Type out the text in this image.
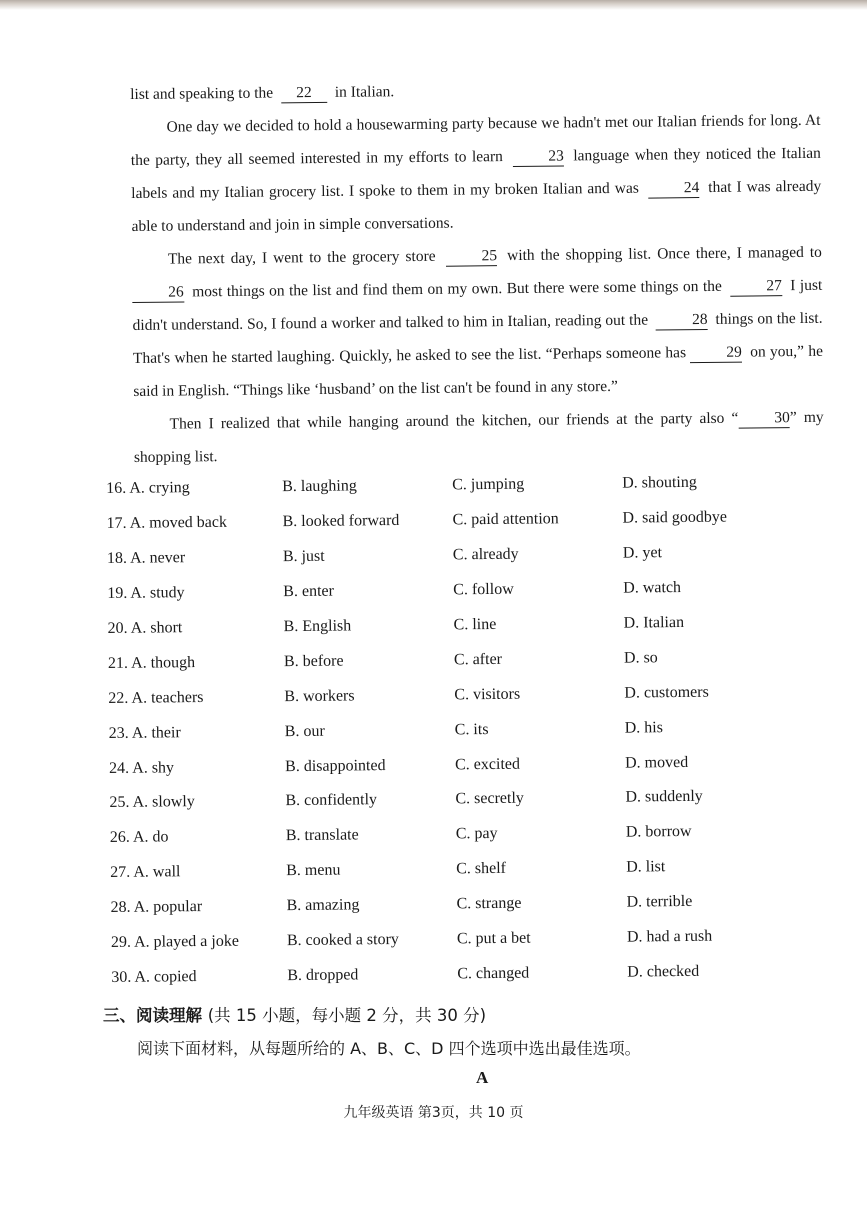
list and speaking to the 22 in Italian.

One day we decided to hold a housewarming party because we hadn't met our Italian friends for long. At the party, they all seemed interested in my efforts to learn	23 language when they noticed the Italian labels and my Italian grocery list. I spoke to them in my broken Italian and was	24 that I was already able to understand and join in simple conversations.

The next day, I went to the grocery store	25 with the shopping list. Once there, I managed to 26 most things on the list and find them on my own. But there were some things on the	27 I just didn't understand. So, I found a worker and talked to him in Italian, reading out the	28 things on the list. That's when he started laughing. Quickly, he asked to see the list. “Perhaps someone has	29 on you,” he said in English. “Things like ‘husband’ on the list can't be found in any store.”

Then I realized that while hanging around the kitchen, our friends at the party also “ 30” my shopping list.

16. A. crying	B. laughing	C. jumping	D. shouting
17. A. moved back	B. looked forward	C. paid attention	D. said goodbye
18. A. never	B. just	C. already	D. yet
19. A. study	B. enter	C. follow	D. watch
20. A. short	B. English	C. line	D. Italian
21. A. though	B. before	C. after	D. so
22. A. teachers	B. workers	C. visitors	D. customers
23. A. their	B. our	C. its	D. his
24. A. shy	B. disappointed	C. excited	D. moved
25. A. slowly	B. confidently	C. secretly	D. suddenly
26. A. do	B. translate	C. pay	D. borrow
27. A. wall	B. menu	C. shelf	D. list
28. A. popular	B. amazing	C. strange	D. terrible
29. A. played a joke	B. cooked a story	C. put a bet	D. had a rush
30. A. copied	B. dropped	C. changed	D. checked
三、阅读理解 (共 15 小题，每小题 2 分，共 30 分)
阅读下面材料，从每题所给的 A、B、C、D 四个选项中选出最佳选项。
A
九年级英语 第3页，共 10 页
